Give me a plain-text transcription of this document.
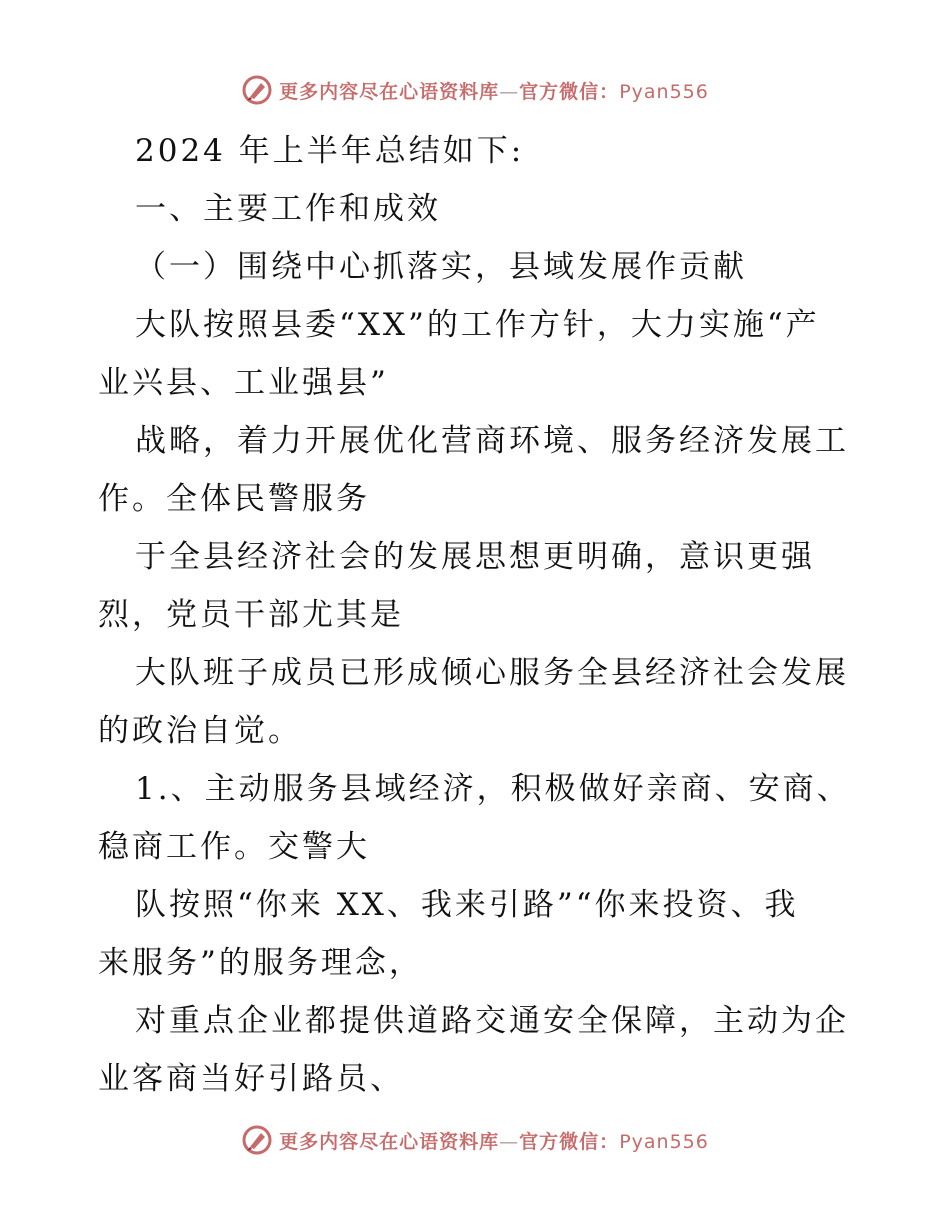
更多内容尽在心语资料库—官方微信：Pyan556
2024 年上半年总结如下:
一、主要工作和成效
（一）围绕中心抓落实，县域发展作贡献
大队按照县委“XX”的工作方针，大力实施“产
业兴县、工业强县”
战略，着力开展优化营商环境、服务经济发展工
作。全体民警服务
于全县经济社会的发展思想更明确，意识更强
烈，党员干部尤其是
大队班子成员已形成倾心服务全县经济社会发展
的政治自觉。
1.、主动服务县域经济，积极做好亲商、安商、
稳商工作。交警大
队按照“你来 XX、我来引路”“你来投资、我
来服务”的服务理念，
对重点企业都提供道路交通安全保障，主动为企
业客商当好引路员、
更多内容尽在心语资料库—官方微信：Pyan556
